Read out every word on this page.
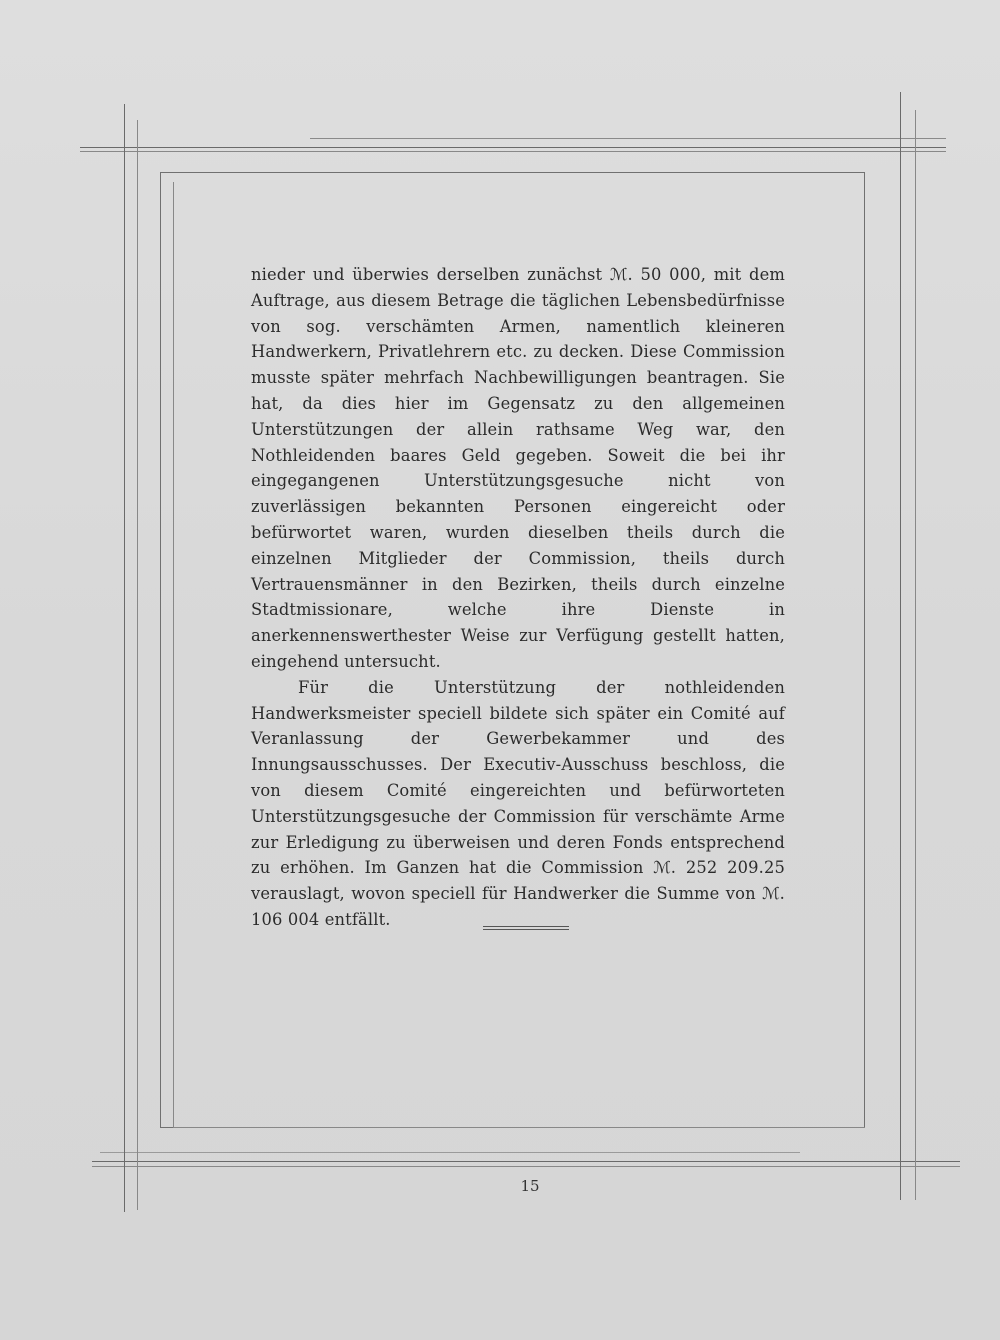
nieder und überwies derselben zunächst ℳ. 50 000, mit dem Auftrage, aus diesem Betrage die täglichen Lebensbedürfnisse von sog. verschämten Armen, namentlich kleineren Handwerkern, Privatlehrern etc. zu decken. Diese Commission musste später mehrfach Nachbewilligungen beantragen. Sie hat, da dies hier im Gegensatz zu den allgemeinen Unterstützungen der allein rathsame Weg war, den Nothleidenden baares Geld gegeben. Soweit die bei ihr eingegangenen Unterstützungsgesuche nicht von zuverlässigen bekannten Personen eingereicht oder befürwortet waren, wurden dieselben theils durch die einzelnen Mitglieder der Commission, theils durch Vertrauensmänner in den Bezirken, theils durch einzelne Stadtmissionare, welche ihre Dienste in anerkennenswerthester Weise zur Verfügung gestellt hatten, eingehend untersucht.

Für die Unterstützung der nothleidenden Handwerksmeister speciell bildete sich später ein Comité auf Veranlassung der Gewerbekammer und des Innungsausschusses. Der Executiv-Ausschuss beschloss, die von diesem Comité eingereichten und befürworteten Unterstützungsgesuche der Commission für verschämte Arme zur Erledigung zu überweisen und deren Fonds entsprechend zu erhöhen. Im Ganzen hat die Commission ℳ. 252 209.25 verauslagt, wovon speciell für Handwerker die Summe von ℳ. 106 004 entfällt.

15
